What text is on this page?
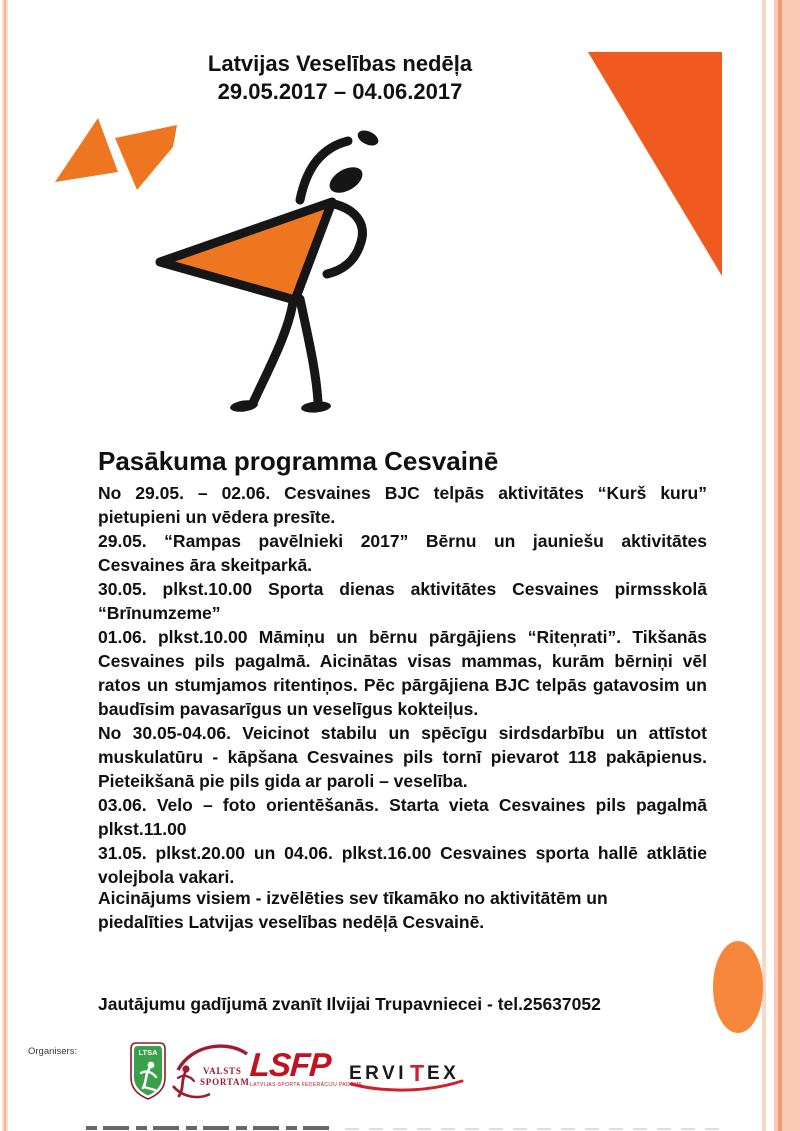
Latvijas Veselības nedēļa
29.05.2017 – 04.06.2017
Pasākuma programma Cesvainē

No 29.05. – 02.06. Cesvaines BJC telpās aktivitātes “Kurš kuru” pietupieni un vēdera presīte.

29.05. “Rampas pavēlnieki 2017” Bērnu un jauniešu aktivitātes Cesvaines āra skeitparkā.

30.05. plkst.10.00 Sporta dienas aktivitātes Cesvaines pirmsskolā “Brīnumzeme”

01.06. plkst.10.00 Māmiņu un bērnu pārgājiens “Riteņrati”. Tikšanās Cesvaines pils pagalmā. Aicinātas visas mammas, kurām bērniņi vēl ratos un stumjamos ritentiņos. Pēc pārgājiena BJC telpās gatavosim un baudīsim pavasarīgus un veselīgus kokteiļus.

No 30.05-04.06. Veicinot stabilu un spēcīgu sirdsdarbību un attīstot muskulatūru - kāpšana Cesvaines pils tornī pievarot 118 pakāpienus. Pieteikšanā pie pils gida ar paroli – veselība.

03.06. Velo – foto orientēšanās. Starta vieta Cesvaines pils pagalmā plkst.11.00

31.05. plkst.20.00 un 04.06. plkst.16.00 Cesvaines sporta hallē atklātie volejbola vakari.

Aicinājums visiem - izvēlēties sev tīkamāko no aktivitātēm un piedalīties Latvijas veselības nedēļā Cesvainē.
Jautājumu gadījumā zvanīt Ilvijai Trupavniecei - tel.25637052
Organisers:	LTSA
VALSTS
SPORTAM LSFP
LATVIJAS SPORTA FEDERĀCIJU PADOME
ERVI T EX
